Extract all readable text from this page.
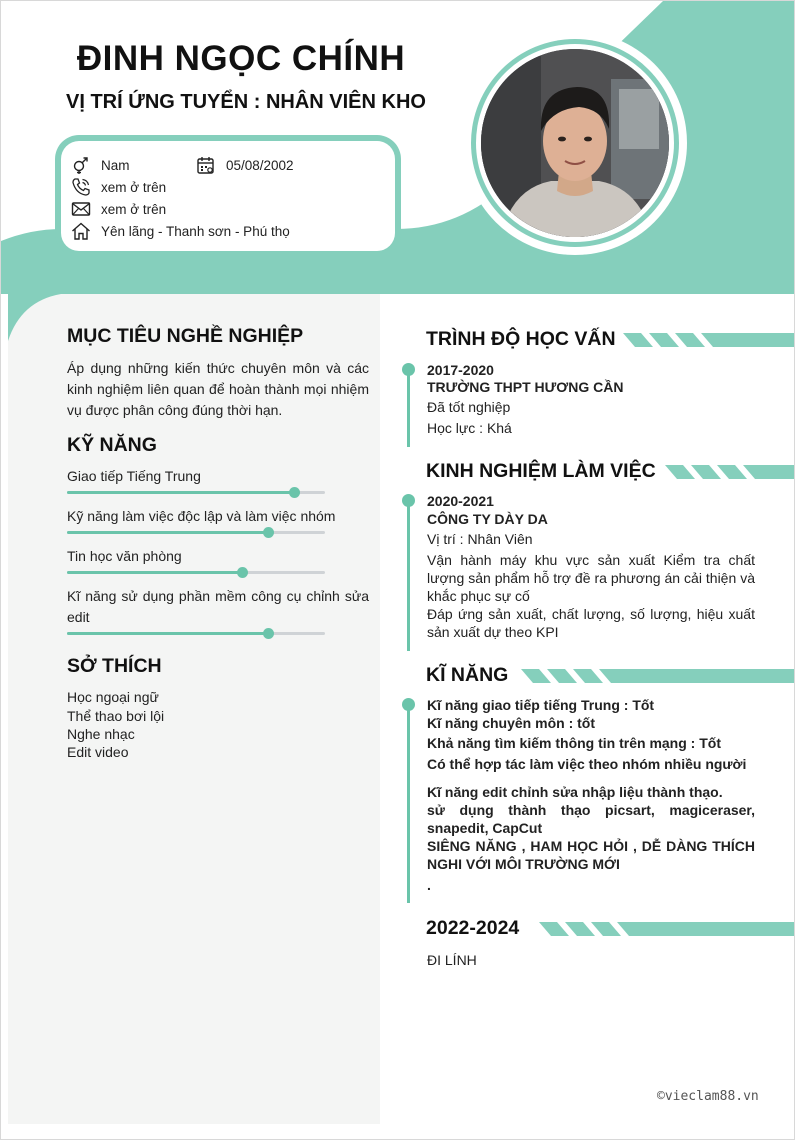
ĐINH NGỌC CHÍNH
VỊ TRÍ ỨNG TUYỂN : NHÂN VIÊN KHO
Nam	05/08/2002
xem ở trên
xem ở trên
Yên lãng - Thanh sơn - Phú thọ
MỤC TIÊU NGHỀ NGHIỆP
Áp dụng những kiến thức chuyên môn và các kinh nghiệm liên quan để hoàn thành mọi nhiệm vụ được phân công đúng thời hạn.
KỸ NĂNG
Giao tiếp Tiếng Trung
Kỹ năng làm việc độc lập và làm việc nhóm
Tin học văn phòng
Kĩ năng sử dụng phần mềm công cụ chỉnh sửa edit
SỞ THÍCH
Học ngoại ngữ
Thể thao bơi lội
Nghe nhạc
Edit video
TRÌNH ĐỘ HỌC VẤN
2017-2020
TRƯỜNG THPT HƯƠNG CẦN
Đã tốt nghiệp
Học lực : Khá
KINH NGHIỆM LÀM VIỆC
2020-2021
CÔNG TY DÀY DA
Vị trí : Nhân Viên
Vận hành máy khu vực sản xuất Kiểm tra chất lượng sản phẩm hỗ trợ đề ra phương án cải thiện và khắc phục sự cố
Đáp ứng sản xuất, chất lượng, số lượng, hiệu xuất sản xuất dự theo KPI
KĨ NĂNG
Kĩ năng giao tiếp tiếng Trung : Tốt
Kĩ năng chuyên môn : tốt
Khả năng tìm kiếm thông tin trên mạng : Tốt
Có thể hợp tác làm việc theo nhóm nhiều người
Kĩ năng edit chỉnh sửa nhập liệu thành thạo.
sử dụng thành thạo picsart, magiceraser, snapedit, CapCut
SIÊNG NĂNG , HAM HỌC HỎI , DỄ DÀNG THÍCH NGHI VỚI MÔI TRƯỜNG MỚI
.
2022-2024
ĐI LÍNH
©vieclam88.vn
